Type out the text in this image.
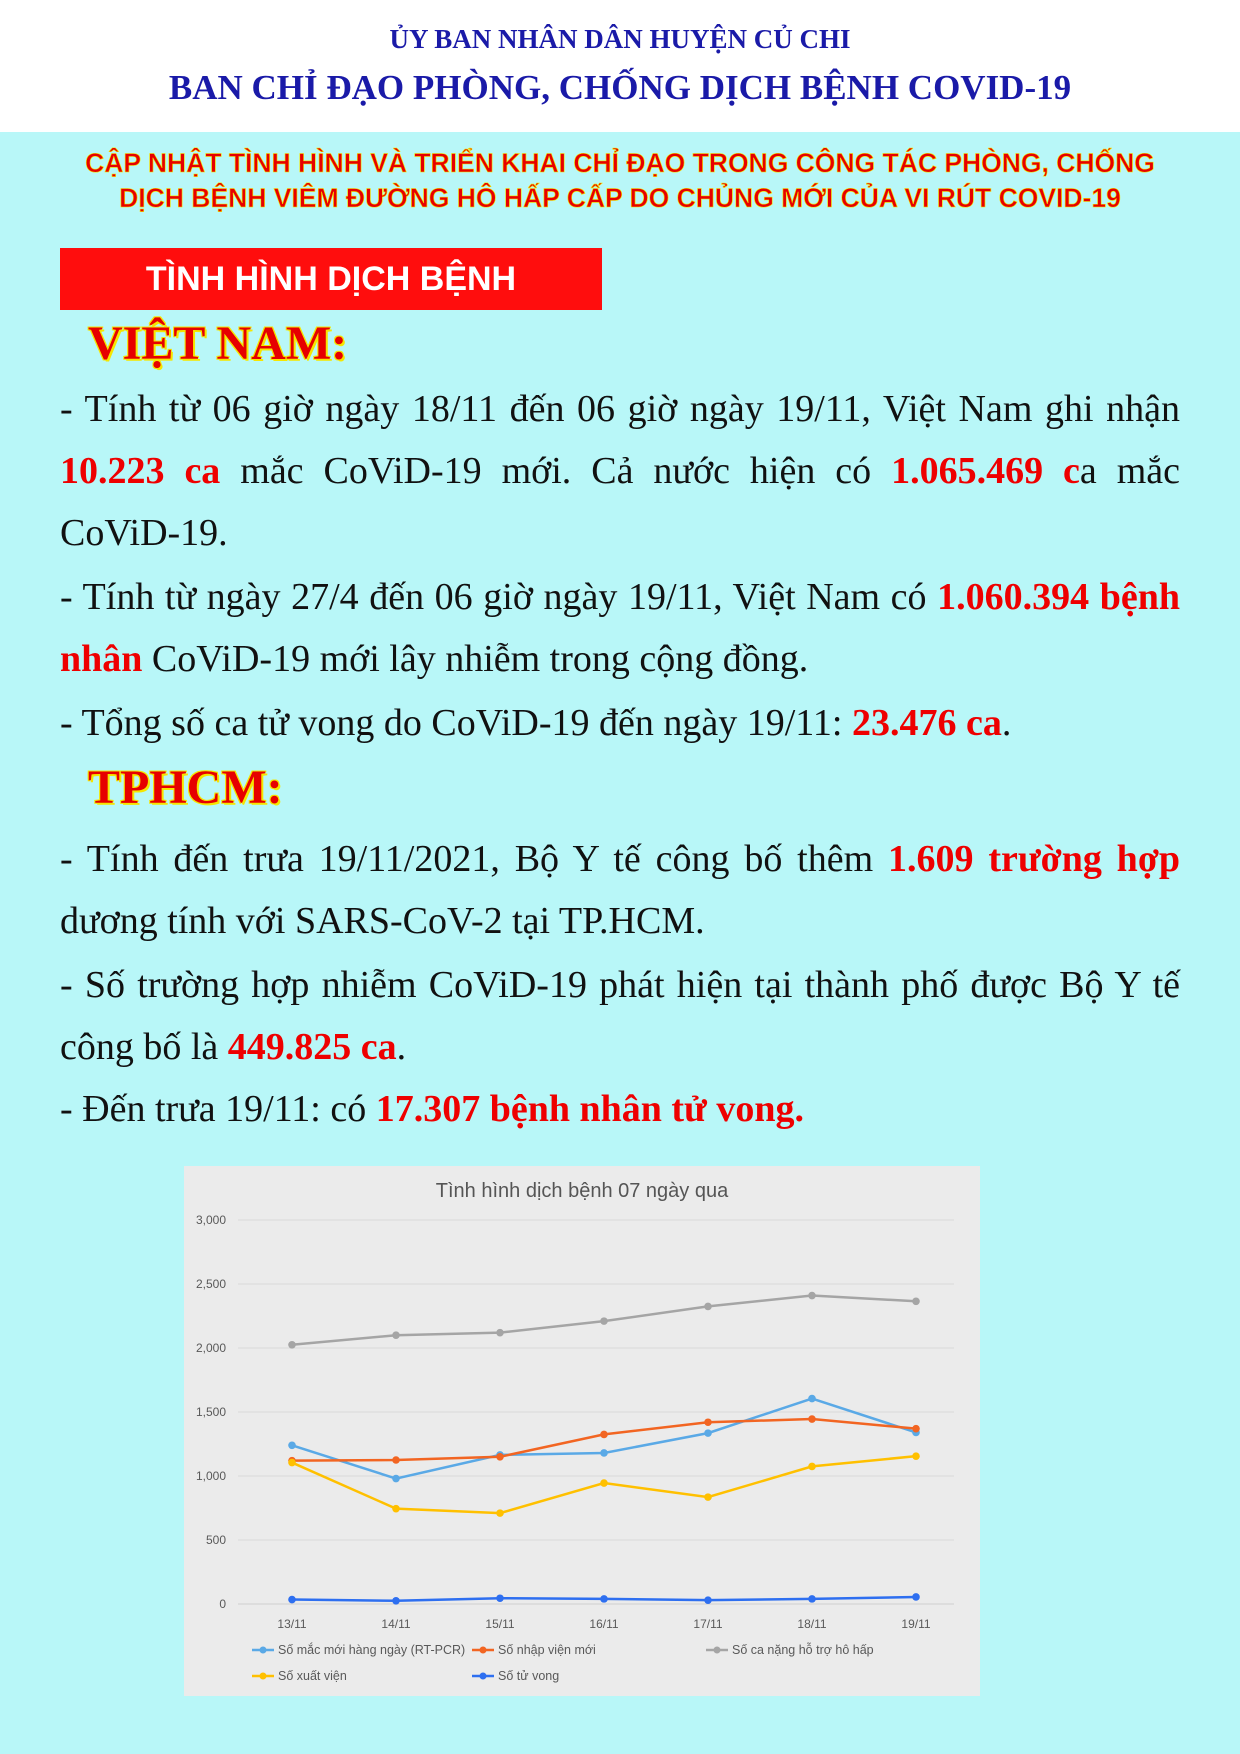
ỦY BAN NHÂN DÂN HUYỆN CỦ CHI
BAN CHỈ ĐẠO PHÒNG, CHỐNG DỊCH BỆNH COVID-19
CẬP NHẬT TÌNH HÌNH VÀ TRIỂN KHAI CHỈ ĐẠO TRONG CÔNG TÁC PHÒNG, CHỐNG
DỊCH BỆNH VIÊM ĐƯỜNG HÔ HẤP CẤP DO CHỦNG MỚI CỦA VI RÚT COVID-19
TÌNH HÌNH DỊCH BỆNH
VIỆT NAM:
- Tính từ 06 giờ ngày 18/11 đến 06 giờ ngày 19/11, Việt Nam ghi nhận 10.223 ca mắc CoViD-19 mới. Cả nước hiện có 1.065.469 ca mắc CoViD-19.
- Tính từ ngày 27/4 đến 06 giờ ngày 19/11, Việt Nam có 1.060.394 bệnh nhân CoViD-19 mới lây nhiễm trong cộng đồng.
- Tổng số ca tử vong do CoViD-19 đến ngày 19/11: 23.476 ca.
TPHCM:
- Tính đến trưa 19/11/2021, Bộ Y tế công bố thêm 1.609 trường hợp dương tính với SARS-CoV-2 tại TP.HCM.
- Số trường hợp nhiễm CoViD-19 phát hiện tại thành phố được Bộ Y tế công bố là 449.825 ca.
- Đến trưa 19/11: có 17.307 bệnh nhân tử vong.
Tình hình dịch bệnh 07 ngày qua
0
500
1,000
1,500
2,000
2,500
3,000
13/11	14/11	15/11	16/11	17/11	18/11	19/11
Số mắc mới hàng ngày (RT-PCR)	Số nhập viện mới	Số ca nặng hỗ trợ hô hấp
Số xuất viện	Số tử vong
